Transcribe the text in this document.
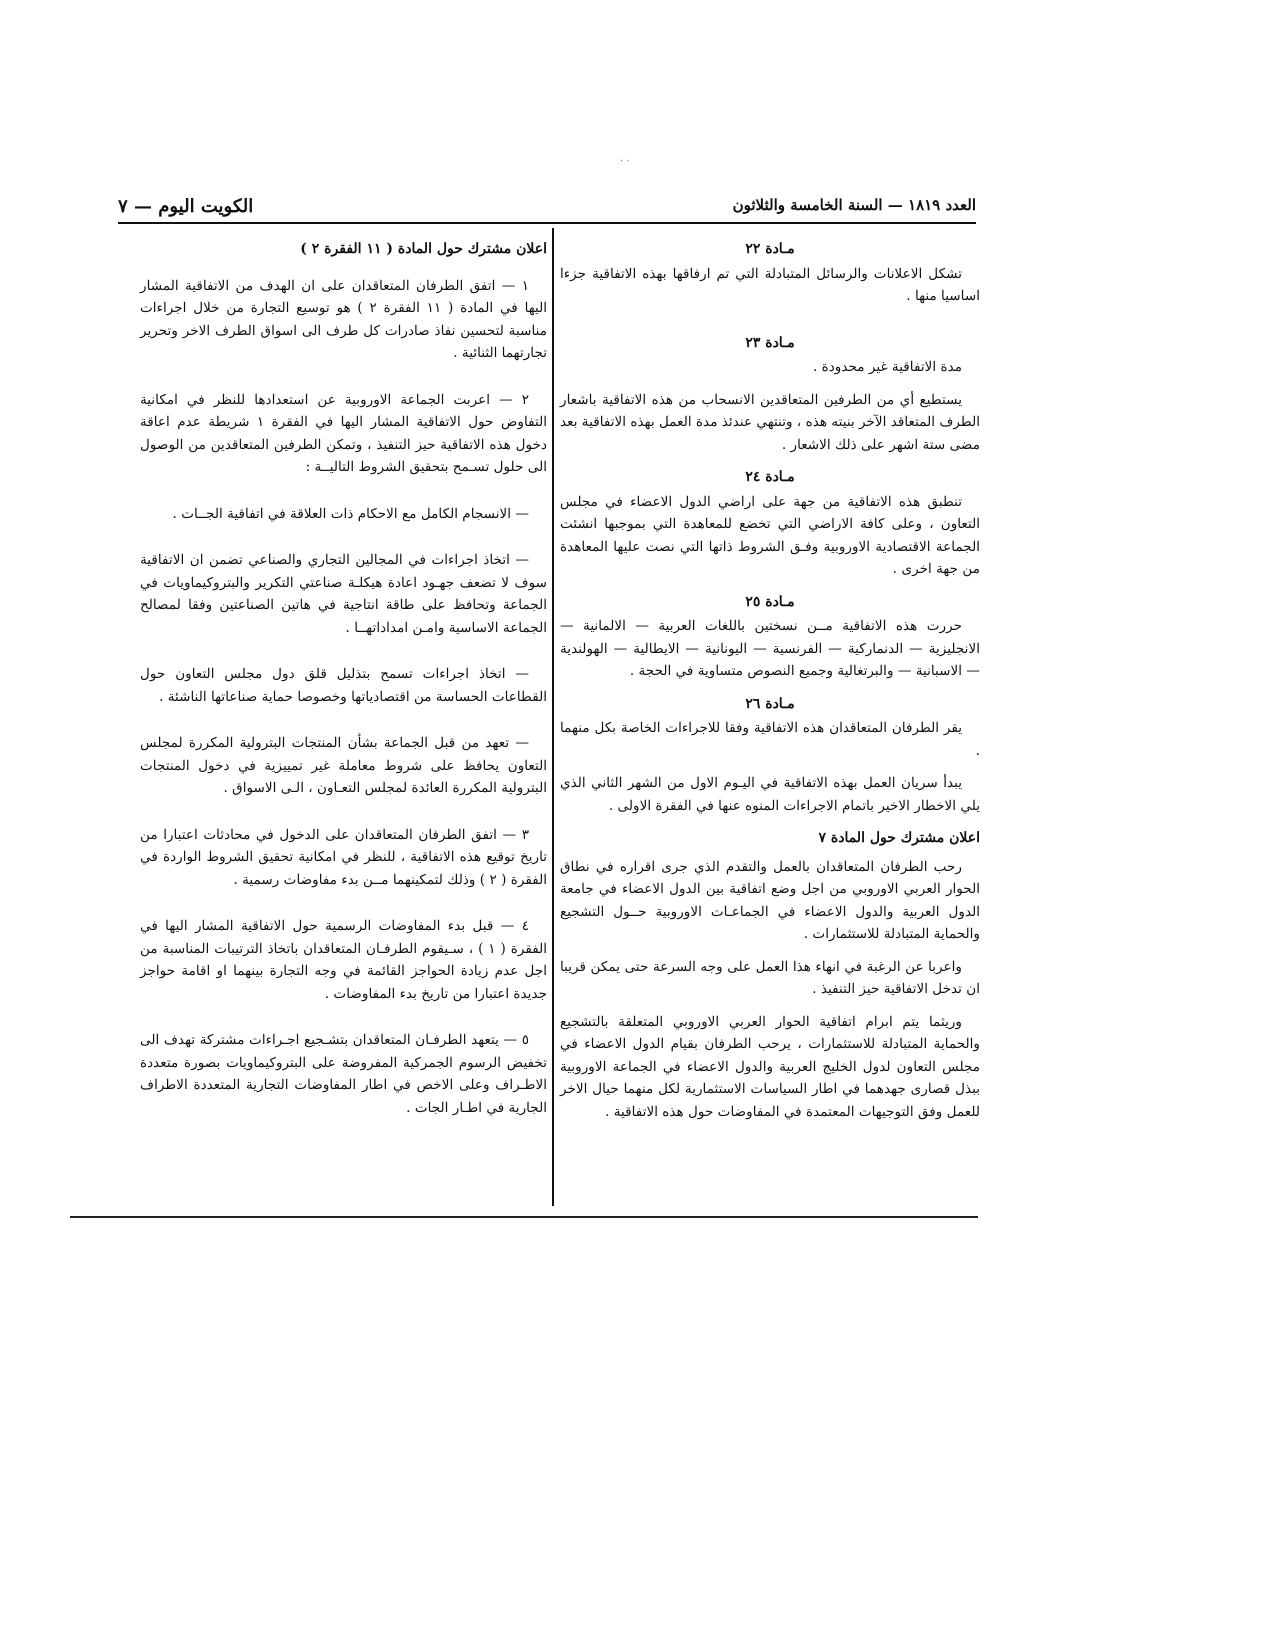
· ·
العدد ١٨١٩ — السنة الخامسة والثلاثون
الكويت اليوم — ٧
مـادة ٢٢

تشكل الاعلانات والرسائل المتبادلة التي تم ارفاقها بهذه الاتفاقية جزءا اساسيا منها .

مـادة ٢٣

مدة الاتفاقية غير محدودة .

يستطيع أي من الطرفين المتعاقدين الانسحاب من هذه الاتفاقية باشعار الطرف المتعاقد الآخر بنيته هذه ، وتنتهي عندئذ مدة العمل بهذه الاتفاقية بعد مضى ستة اشهر على ذلك الاشعار .

مـادة ٢٤

تنطبق هذه الاتفاقية من جهة على اراضي الدول الاعضاء في مجلس التعاون ، وعلى كافة الاراضي التي تخضع للمعاهدة التي بموجبها انشئت الجماعة الاقتصادية الاوروبية وفـق الشروط ذاتها التي نصت عليها المعاهدة من جهة اخرى .

مـادة ٢٥

حررت هذه الاتفاقية مــن نسختين باللغات العربية — الالمانية — الانجليزية — الدنماركية — الفرنسية — اليونانية — الايطالية — الهولندية — الاسبانية — والبرتغالية وجميع النصوص متساوية في الحجة .

مـادة ٢٦

يقر الطرفان المتعاقدان هذه الاتفاقية وفقا للاجراءات الخاصة بكل منهما .

يبدأ سريان العمل بهذه الاتفاقية في اليـوم الاول من الشهر الثاني الذي يلي الاخطار الاخير باتمام الاجراءات المنوه عنها في الفقرة الاولى .

اعلان مشترك حول المادة ٧

رحب الطرفان المتعاقدان بالعمل والتقدم الذي جرى اقراره في نطاق الحوار العربي الاوروبي من اجل وضع اتفاقية بين الدول الاعضاء في جامعة الدول العربية والدول الاعضاء في الجماعـات الاوروبية حــول التشجيع والحماية المتبادلة للاستثمارات .

واعربا عن الرغبة في انهاء هذا العمل على وجه السرعة حتى يمكن قريبا ان تدخل الاتفاقية حيز التنفيذ .

وريثما يتم ابرام اتفاقية الحوار العربي الاوروبي المتعلقة بالتشجيع والحماية المتبادلة للاستثمارات ، يرحب الطرفان بقيام الدول الاعضاء في مجلس التعاون لدول الخليج العربية والدول الاعضاء في الجماعة الاوروبية ببذل قصارى جهدهما في اطار السياسات الاستثمارية لكل منهما حيال الاخر للعمل وفق التوجيهات المعتمدة في المفاوضات حول هذه الاتفاقية .

اعلان مشترك حول المادة ( ١١ الفقرة ٢ )

١ — اتفق الطرفان المتعاقدان على ان الهدف من الاتفاقية المشار اليها في المادة ( ١١ الفقرة ٢ ) هو توسيع التجارة من خلال اجراءات مناسبة لتحسين نفاذ صادرات كل طرف الى اسواق الطرف الاخر وتحرير تجارتهما الثنائية .

٢ — اعربت الجماعة الاوروبية عن استعدادها للنظر في امكانية التفاوض حول الاتفاقية المشار اليها في الفقرة ١ شريطة عدم اعاقة دخول هذه الاتفاقية حيز التنفيذ ، وتمكن الطرفين المتعاقدين من الوصول الى حلول تسـمح بتحقيق الشروط التاليــة :

— الانسجام الكامل مع الاحكام ذات العلاقة في اتفاقية الجــات .

— اتخاذ اجراءات في المجالين التجاري والصناعي تضمن ان الاتفاقية سوف لا تضعف جهـود اعادة هيكلـة صناعتي التكرير والبتروكيماويات في الجماعة وتحافظ على طاقة انتاجية في هاتين الصناعتين وفقا لمصالح الجماعة الاساسية وامـن امداداتهــا .

— اتخاذ اجراءات تسمح بتذليل قلق دول مجلس التعاون حول القطاعات الحساسة من اقتصادياتها وخصوصا حماية صناعاتها الناشئة .

— تعهد من قبل الجماعة بشأن المنتجات البترولية المكررة لمجلس التعاون يحافظ على شروط معاملة غير تمييزية في دخول المنتجات البترولية المكررة العائدة لمجلس التعـاون ، الـى الاسواق .

٣ — اتفق الطرفان المتعاقدان على الدخول في محادثات اعتبارا من تاريخ توقيع هذه الاتفاقية ، للنظر في امكانية تحقيق الشروط الواردة في الفقرة ( ٢ ) وذلك لتمكينهما مــن بدء مفاوضات رسمية .

٤ — قبل بدء المفاوضات الرسمية حول الاتفاقية المشار اليها في الفقرة ( ١ ) ، سـيقوم الطرفـان المتعاقدان باتخاذ الترتيبات المناسبة من اجل عدم زيادة الحواجز القائمة في وجه التجارة بينهما او اقامة حواجز جديدة اعتبارا من تاريخ بدء المفاوضات .

٥ — يتعهد الطرفـان المتعاقدان بتشـجيع اجـراءات مشتركة تهدف الى تخفيض الرسوم الجمركية المفروضة على البتروكيماويات بصورة متعددة الاطـراف وعلى الاخص في اطار المفاوضات التجارية المتعددة الاطراف الجارية في اطـار الجات .
